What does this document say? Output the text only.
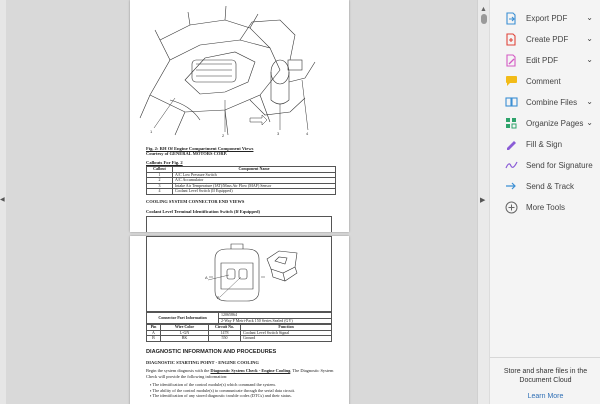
◀
1
2	3	4
Fig. 2: RH Of Engine Compartment Component Views
Courtesy of GENERAL MOTORS CORP.
Callouts For Fig. 2
Callout	Component Name
1	A/C Low Pressure Switch
2	A/C Accumulator
3	Intake Air Temperature (IAT)/Mass Air Flow (MAF) Sensor
4	Coolant Level Switch (If Equipped)
COOLING SYSTEM CONNECTOR END VIEWS
Coolant Level Terminal Identification Switch (If Equipped)
A
B
Connector Part Information	12065864
2-Way F Metri-Pack 150 Series Sealed (GY)
Pin	Wire Color	Circuit No.	Function
A	L-GN	1478	Coolant Level Switch Signal
B	BK	550	Ground
DIAGNOSTIC INFORMATION AND PROCEDURES
DIAGNOSTIC STARTING POINT - ENGINE COOLING
Begin the system diagnosis with the Diagnostic System Check - Engine Cooling. The Diagnostic System Check will provide the following information:
▪ The identification of the control module(s) which command the system.
▪ The ability of the control module(s) to communicate through the serial data circuit.
▪ The identification of any stored diagnostic trouble codes (DTCs) and their status.
▲
▶
Export PDF ⌄
Create PDF ⌄
Edit PDF	⌄
Comment
Combine Files ⌄
Organize Pages ⌄
Fill & Sign
Send for Signature
Send & Track
More Tools
Store and share files in the Document Cloud
Learn More
